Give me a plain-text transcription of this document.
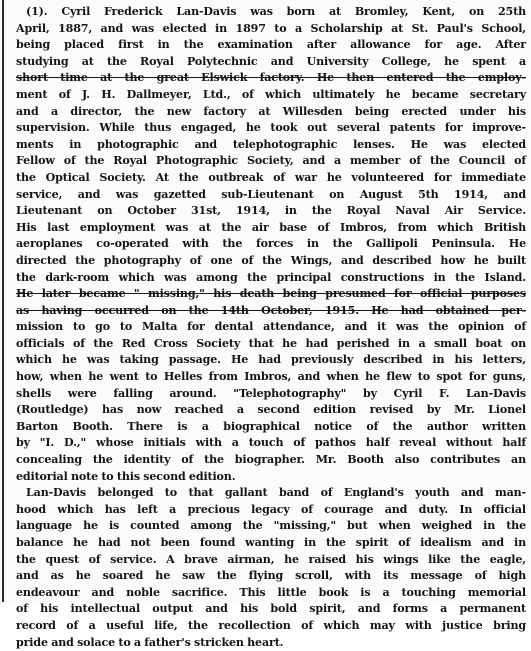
(1). Cyril Frederick Lan-Davis was born at Bromley, Kent, on 25th
April, 1887, and was elected in 1897 to a Scholarship at St. Paul's School,
being placed first in the examination after allowance for age. After
studying at the Royal Polytechnic and University College, he spent a
short time at the great Elswick factory. He then entered the employ-
ment of J. H. Dallmeyer, Ltd., of which ultimately he became secretary
and a director, the new factory at Willesden being erected under his
supervision. While thus engaged, he took out several patents for improve-
ments in photographic and telephotographic lenses. He was elected
Fellow of the Royal Photographic Society, and a member of the Council of
the Optical Society. At the outbreak of war he volunteered for immediate
service, and was gazetted sub-Lieutenant on August 5th 1914, and
Lieutenant on October 31st, 1914, in the Royal Naval Air Service.
His last employment was at the air base of Imbros, from which British
aeroplanes co-operated with the forces in the Gallipoli Peninsula. He
directed the photography of one of the Wings, and described how he built
the dark-room which was among the principal constructions in the Island.
He later became " missing," his death being presumed for official purposes
as having occurred on the 14th October, 1915. He had obtained per-
mission to go to Malta for dental attendance, and it was the opinion of
officials of the Red Cross Society that he had perished in a small boat on
which he was taking passage. He had previously described in his letters,
how, when he went to Helles from Imbros, and when he flew to spot for guns,
shells were falling around. "Telephotography" by Cyril F. Lan-Davis
(Routledge) has now reached a second edition revised by Mr. Lionel
Barton Booth. There is a biographical notice of the author written
by "I. D.," whose initials with a touch of pathos half reveal without half
concealing the identity of the biographer. Mr. Booth also contributes an
editorial note to this second edition.
Lan-Davis belonged to that gallant band of England's youth and man-
hood which has left a precious legacy of courage and duty. In official
language he is counted among the "missing," but when weighed in the
balance he had not been found wanting in the spirit of idealism and in
the quest of service. A brave airman, he raised his wings like the eagle,
and as he soared he saw the flying scroll, with its message of high
endeavour and noble sacrifice. This little book is a touching memorial
of his intellectual output and his bold spirit, and forms a permanent
record of a useful life, the recollection of which may with justice bring
pride and solace to a father's stricken heart.
